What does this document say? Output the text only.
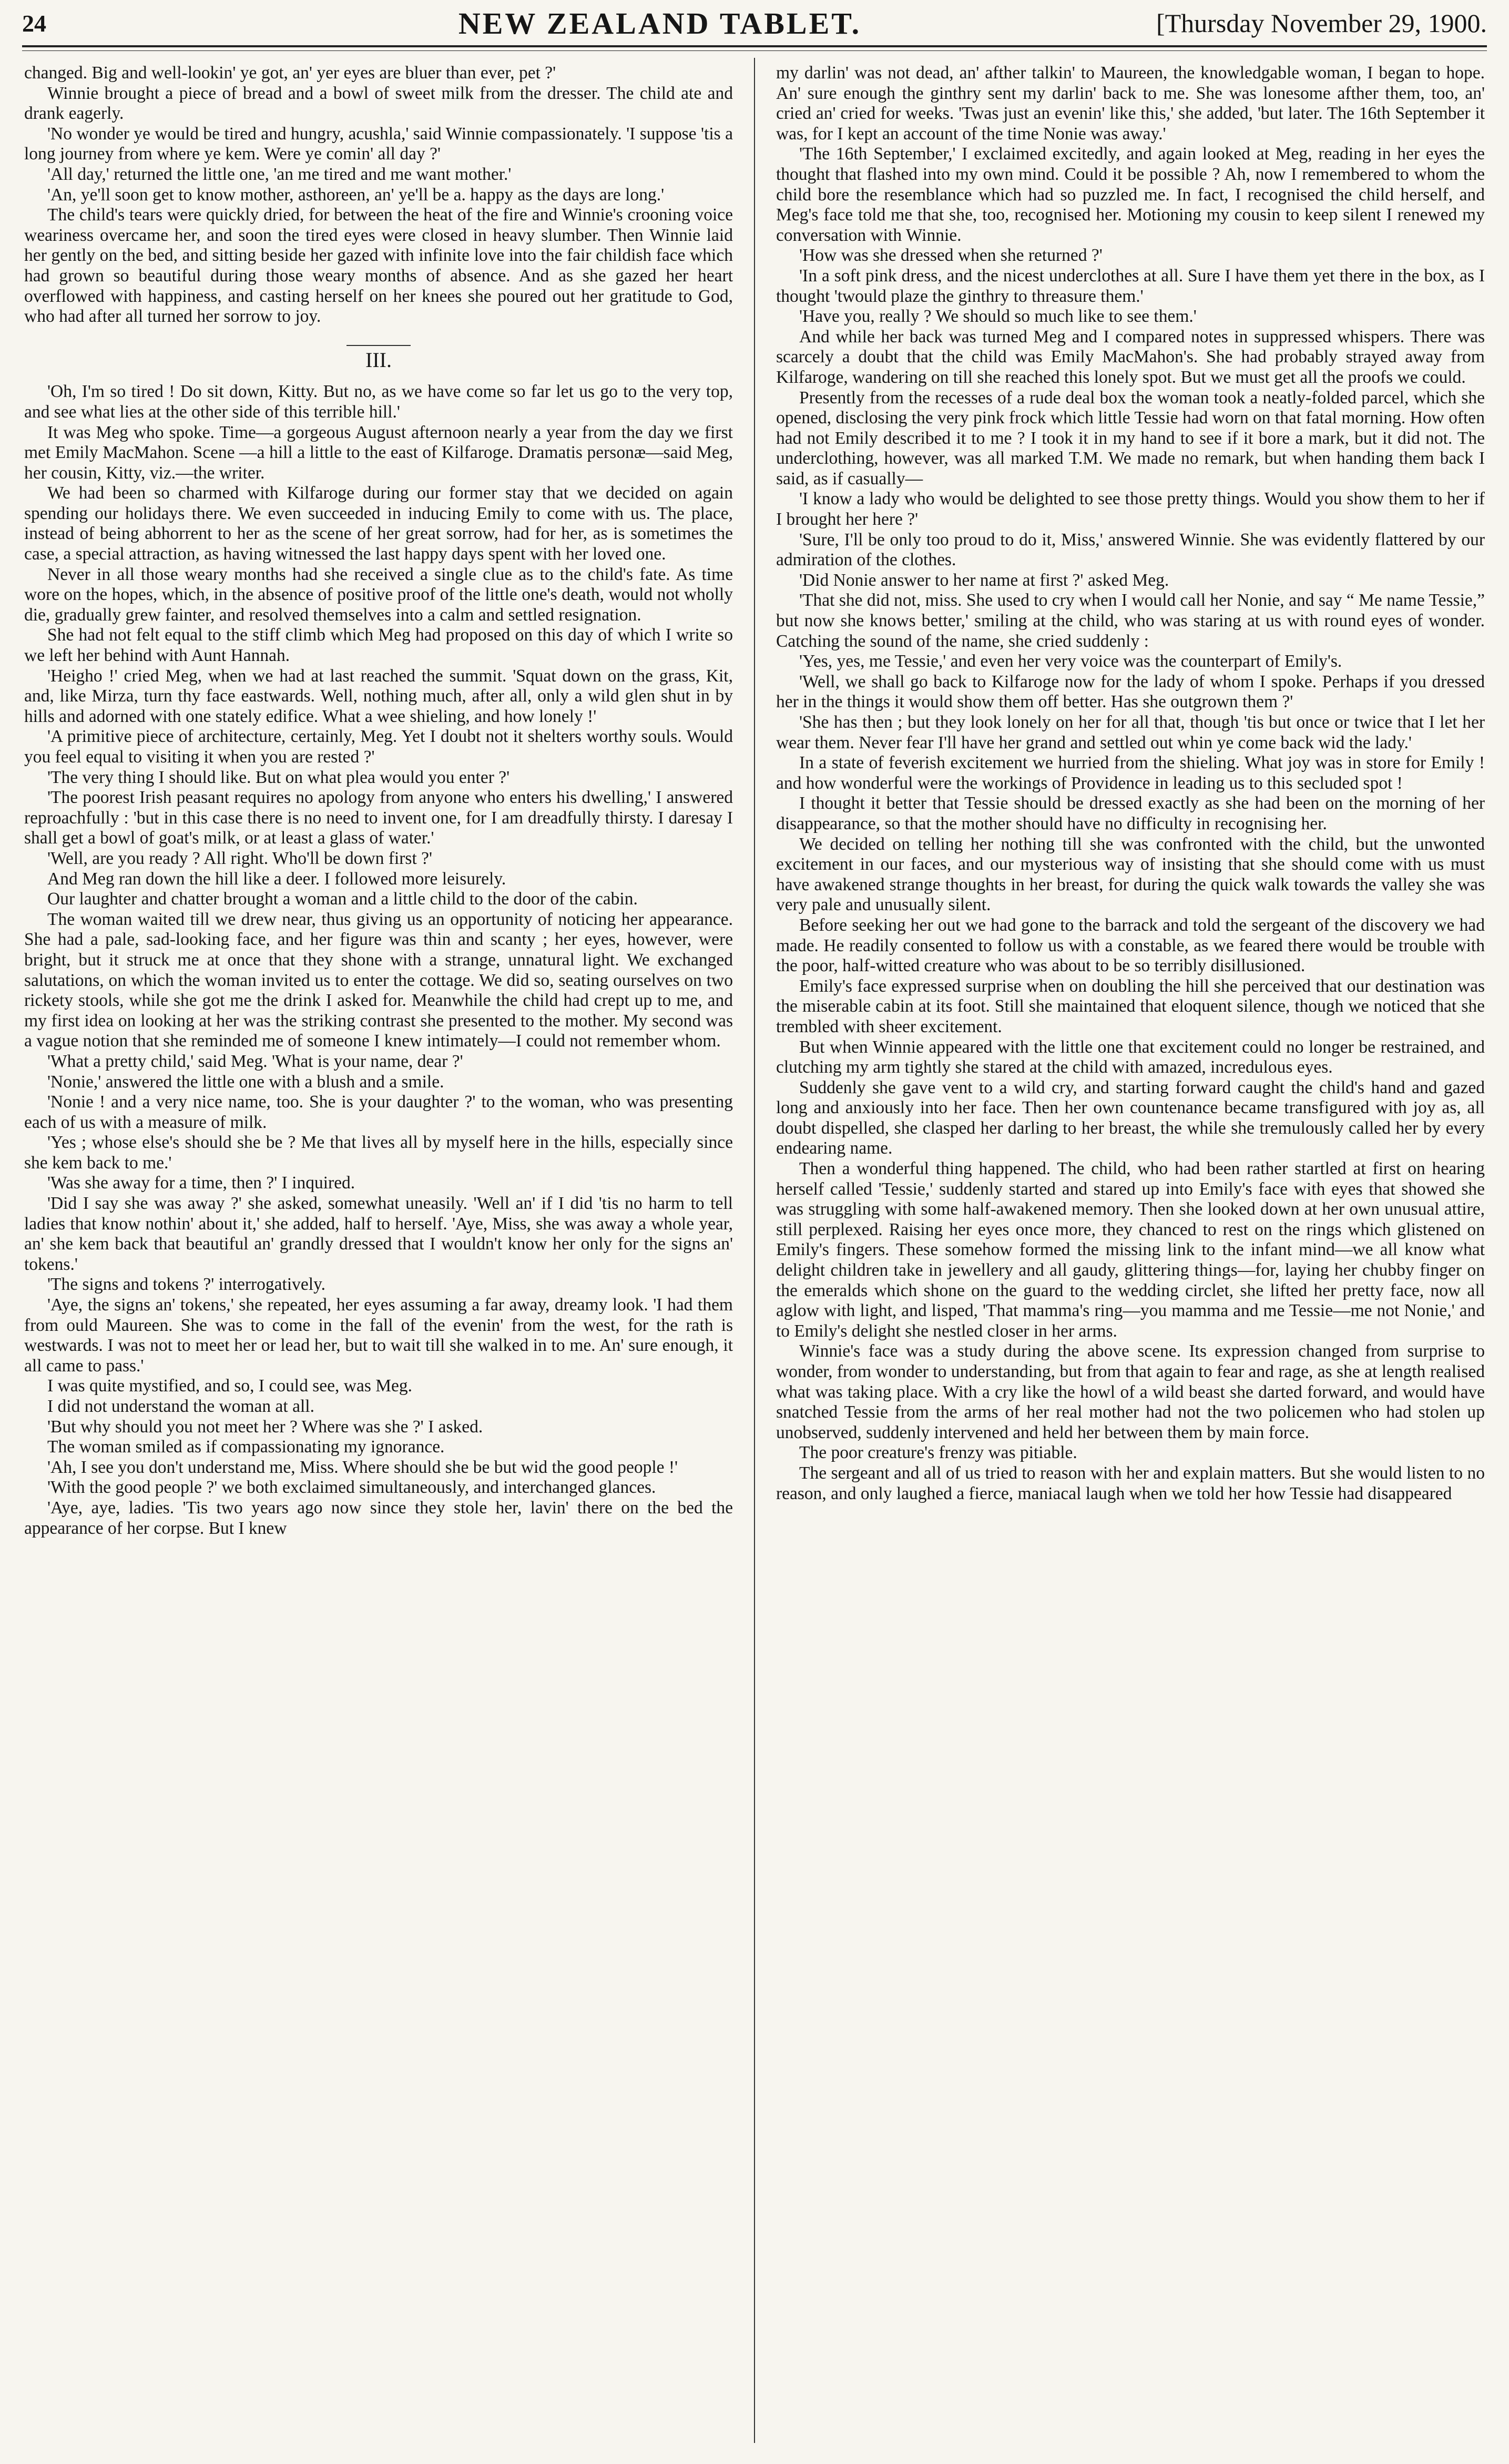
24	NEW ZEALAND TABLET.	[Thursday November 29, 1900.

changed. Big and well-lookin' ye got, an' yer eyes are bluer than ever, pet ?'

Winnie brought a piece of bread and a bowl of sweet milk from the dresser. The child ate and drank eagerly.

'No wonder ye would be tired and hungry, acushla,' said Winnie compassionately. 'I suppose 'tis a long journey from where ye kem. Were ye comin' all day ?'

'All day,' returned the little one, 'an me tired and me want mother.'

'An, ye'll soon get to know mother, asthoreen, an' ye'll be a. happy as the days are long.'

The child's tears were quickly dried, for between the heat of the fire and Winnie's crooning voice weariness overcame her, and soon the tired eyes were closed in heavy slumber. Then Winnie laid her gently on the bed, and sitting beside her gazed with infinite love into the fair childish face which had grown so beautiful during those weary months of absence. And as she gazed her heart overflowed with happiness, and casting herself on her knees she poured out her gratitude to God, who had after all turned her sorrow to joy.

III.

'Oh, I'm so tired ! Do sit down, Kitty. But no, as we have come so far let us go to the very top, and see what lies at the other side of this terrible hill.'

It was Meg who spoke. Time—a gorgeous August afternoon nearly a year from the day we first met Emily MacMahon. Scene —a hill a little to the east of Kilfaroge. Dramatis personæ—said Meg, her cousin, Kitty, viz.—the writer.

We had been so charmed with Kilfaroge during our former stay that we decided on again spending our holidays there. We even succeeded in inducing Emily to come with us. The place, instead of being abhorrent to her as the scene of her great sorrow, had for her, as is sometimes the case, a special attraction, as having witnessed the last happy days spent with her loved one.

Never in all those weary months had she received a single clue as to the child's fate. As time wore on the hopes, which, in the absence of positive proof of the little one's death, would not wholly die, gradually grew fainter, and resolved themselves into a calm and settled resignation.

She had not felt equal to the stiff climb which Meg had proposed on this day of which I write so we left her behind with Aunt Hannah.

'Heigho !' cried Meg, when we had at last reached the summit. 'Squat down on the grass, Kit, and, like Mirza, turn thy face eastwards. Well, nothing much, after all, only a wild glen shut in by hills and adorned with one stately edifice. What a wee shieling, and how lonely !'

'A primitive piece of architecture, certainly, Meg. Yet I doubt not it shelters worthy souls. Would you feel equal to visiting it when you are rested ?'

'The very thing I should like. But on what plea would you enter ?'

'The poorest Irish peasant requires no apology from anyone who enters his dwelling,' I answered reproachfully : 'but in this case there is no need to invent one, for I am dreadfully thirsty. I daresay I shall get a bowl of goat's milk, or at least a glass of water.'

'Well, are you ready ? All right. Who'll be down first ?'

And Meg ran down the hill like a deer. I followed more leisurely.

Our laughter and chatter brought a woman and a little child to the door of the cabin.

The woman waited till we drew near, thus giving us an opportunity of noticing her appearance. She had a pale, sad-looking face, and her figure was thin and scanty ; her eyes, however, were bright, but it struck me at once that they shone with a strange, unnatural light. We exchanged salutations, on which the woman invited us to enter the cottage. We did so, seating ourselves on two rickety stools, while she got me the drink I asked for. Meanwhile the child had crept up to me, and my first idea on looking at her was the striking contrast she presented to the mother. My second was a vague notion that she reminded me of someone I knew intimately—I could not remember whom.

'What a pretty child,' said Meg. 'What is your name, dear ?'

'Nonie,' answered the little one with a blush and a smile.

'Nonie ! and a very nice name, too. She is your daughter ?' to the woman, who was presenting each of us with a measure of milk.

'Yes ; whose else's should she be ? Me that lives all by myself here in the hills, especially since she kem back to me.'

'Was she away for a time, then ?' I inquired.

'Did I say she was away ?' she asked, somewhat uneasily. 'Well an' if I did 'tis no harm to tell ladies that know nothin' about it,' she added, half to herself. 'Aye, Miss, she was away a whole year, an' she kem back that beautiful an' grandly dressed that I wouldn't know her only for the signs an' tokens.'

'The signs and tokens ?' interrogatively.

'Aye, the signs an' tokens,' she repeated, her eyes assuming a far away, dreamy look. 'I had them from ould Maureen. She was to come in the fall of the evenin' from the west, for the rath is westwards. I was not to meet her or lead her, but to wait till she walked in to me. An' sure enough, it all came to pass.'

I was quite mystified, and so, I could see, was Meg.

I did not understand the woman at all.

'But why should you not meet her ? Where was she ?' I asked.

The woman smiled as if compassionating my ignorance.

'Ah, I see you don't understand me, Miss. Where should she be but wid the good people !'

'With the good people ?' we both exclaimed simultaneously, and interchanged glances.

'Aye, aye, ladies. 'Tis two years ago now since they stole her, lavin' there on the bed the appearance of her corpse. But I knew

my darlin' was not dead, an' afther talkin' to Maureen, the knowledgable woman, I began to hope. An' sure enough the ginthry sent my darlin' back to me. She was lonesome afther them, too, an' cried an' cried for weeks. 'Twas just an evenin' like this,' she added, 'but later. The 16th September it was, for I kept an account of the time Nonie was away.'

'The 16th September,' I exclaimed excitedly, and again looked at Meg, reading in her eyes the thought that flashed into my own mind. Could it be possible ? Ah, now I remembered to whom the child bore the resemblance which had so puzzled me. In fact, I recognised the child herself, and Meg's face told me that she, too, recognised her. Motioning my cousin to keep silent I renewed my conversation with Winnie.

'How was she dressed when she returned ?'

'In a soft pink dress, and the nicest underclothes at all. Sure I have them yet there in the box, as I thought 'twould plaze the ginthry to threasure them.'

'Have you, really ? We should so much like to see them.'

And while her back was turned Meg and I compared notes in suppressed whispers. There was scarcely a doubt that the child was Emily MacMahon's. She had probably strayed away from Kilfaroge, wandering on till she reached this lonely spot. But we must get all the proofs we could.

Presently from the recesses of a rude deal box the woman took a neatly-folded parcel, which she opened, disclosing the very pink frock which little Tessie had worn on that fatal morning. How often had not Emily described it to me ? I took it in my hand to see if it bore a mark, but it did not. The underclothing, however, was all marked T.M. We made no remark, but when handing them back I said, as if casually—

'I know a lady who would be delighted to see those pretty things. Would you show them to her if I brought her here ?'

'Sure, I'll be only too proud to do it, Miss,' answered Winnie. She was evidently flattered by our admiration of the clothes.

'Did Nonie answer to her name at first ?' asked Meg.

'That she did not, miss. She used to cry when I would call her Nonie, and say “ Me name Tessie,” but now she knows better,' smiling at the child, who was staring at us with round eyes of wonder. Catching the sound of the name, she cried suddenly :

'Yes, yes, me Tessie,' and even her very voice was the counterpart of Emily's.

'Well, we shall go back to Kilfaroge now for the lady of whom I spoke. Perhaps if you dressed her in the things it would show them off better. Has she outgrown them ?'

'She has then ; but they look lonely on her for all that, though 'tis but once or twice that I let her wear them. Never fear I'll have her grand and settled out whin ye come back wid the lady.'

In a state of feverish excitement we hurried from the shieling. What joy was in store for Emily ! and how wonderful were the workings of Providence in leading us to this secluded spot !

I thought it better that Tessie should be dressed exactly as she had been on the morning of her disappearance, so that the mother should have no difficulty in recognising her.

We decided on telling her nothing till she was confronted with the child, but the unwonted excitement in our faces, and our mysterious way of insisting that she should come with us must have awakened strange thoughts in her breast, for during the quick walk towards the valley she was very pale and unusually silent.

Before seeking her out we had gone to the barrack and told the sergeant of the discovery we had made. He readily consented to follow us with a constable, as we feared there would be trouble with the poor, half-witted creature who was about to be so terribly disillusioned.

Emily's face expressed surprise when on doubling the hill she perceived that our destination was the miserable cabin at its foot. Still she maintained that eloquent silence, though we noticed that she trembled with sheer excitement.

But when Winnie appeared with the little one that excitement could no longer be restrained, and clutching my arm tightly she stared at the child with amazed, incredulous eyes.

Suddenly she gave vent to a wild cry, and starting forward caught the child's hand and gazed long and anxiously into her face. Then her own countenance became transfigured with joy as, all doubt dispelled, she clasped her darling to her breast, the while she tremulously called her by every endearing name.

Then a wonderful thing happened. The child, who had been rather startled at first on hearing herself called 'Tessie,' suddenly started and stared up into Emily's face with eyes that showed she was struggling with some half-awakened memory. Then she looked down at her own unusual attire, still perplexed. Raising her eyes once more, they chanced to rest on the rings which glistened on Emily's fingers. These somehow formed the missing link to the infant mind—we all know what delight children take in jewellery and all gaudy, glittering things—for, laying her chubby finger on the emeralds which shone on the guard to the wedding circlet, she lifted her pretty face, now all aglow with light, and lisped, 'That mamma's ring—you mamma and me Tessie—me not Nonie,' and to Emily's delight she nestled closer in her arms.

Winnie's face was a study during the above scene. Its expression changed from surprise to wonder, from wonder to understanding, but from that again to fear and rage, as she at length realised what was taking place. With a cry like the howl of a wild beast she darted forward, and would have snatched Tessie from the arms of her real mother had not the two policemen who had stolen up unobserved, suddenly intervened and held her between them by main force.

The poor creature's frenzy was pitiable.

The sergeant and all of us tried to reason with her and explain matters. But she would listen to no reason, and only laughed a fierce, maniacal laugh when we told her how Tessie had disappeared
